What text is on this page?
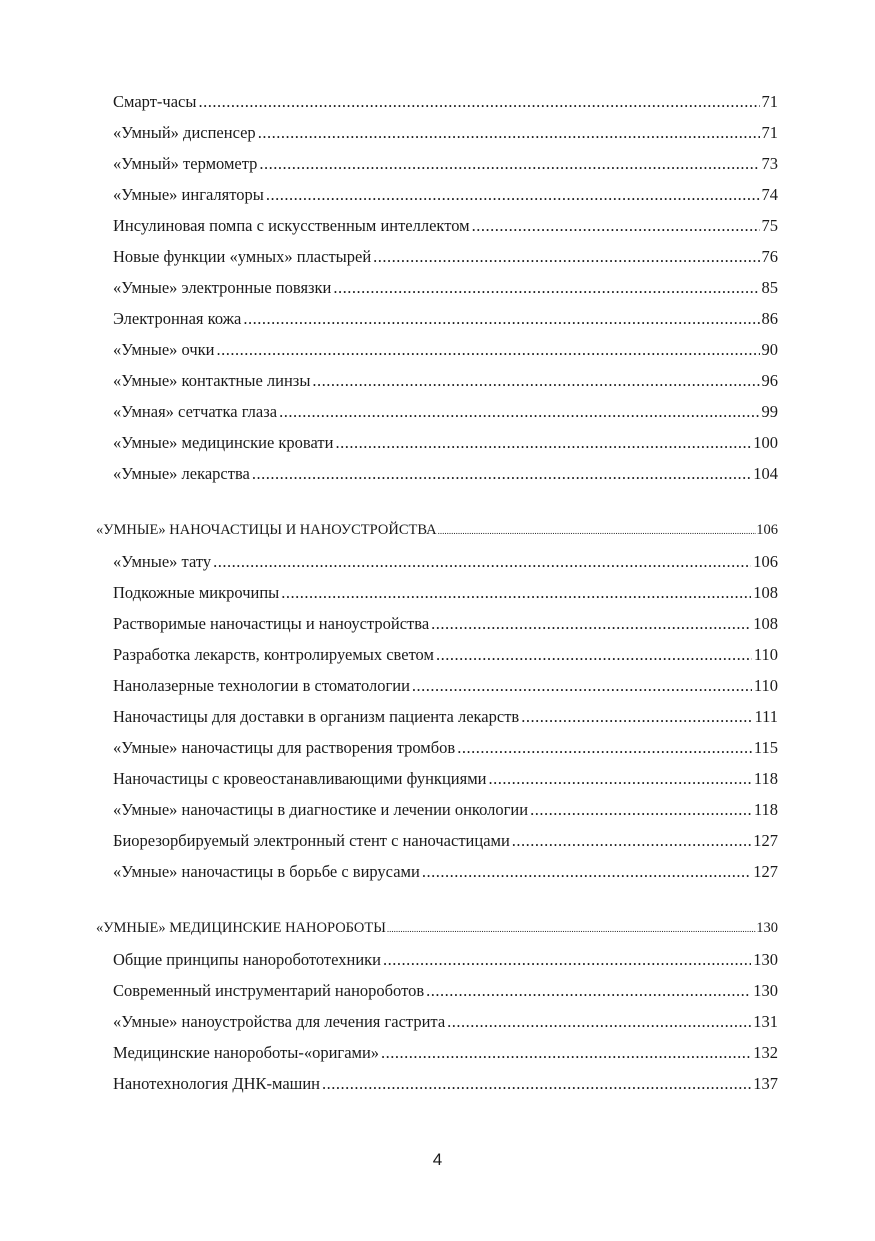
Смарт-часы .....	71
«Умный» диспенсер .....	71
«Умный» термометр .....	73
«Умные» ингаляторы .....	74
Инсулиновая помпа с искусственным интеллектом .....	75
Новые функции «умных» пластырей .....	76
«Умные» электронные повязки .....	85
Электронная кожа .....	86
«Умные» очки .....	90
«Умные» контактные линзы .....	96
«Умная» сетчатка глаза .....	99
«Умные» медицинские кровати .....	100
«Умные» лекарства .....	104
«УМНЫЕ» НАНОЧАСТИЦЫ И НАНОУСТРОЙСТВА .....	106
«Умные» тату .....	106
Подкожные микрочипы .....	108
Растворимые наночастицы и наноустройства .....	108
Разработка лекарств, контролируемых светом .....	110
Нанолазерные технологии в стоматологии .....	110
Наночастицы для доставки в организм пациента лекарств .....	111
«Умные» наночастицы для растворения тромбов .....	115
Наночастицы с кровеостанавливающими функциями .....	118
«Умные» наночастицы в диагностике и лечении онкологии .....	118
Биорезорбируемый электронный стент с наночастицами .....	127
«Умные» наночастицы в борьбе с вирусами .....	127
«УМНЫЕ» МЕДИЦИНСКИЕ НАНОРОБОТЫ .....	130
Общие принципы наноробототехники .....	130
Современный инструментарий нанороботов .....	130
«Умные» наноустройства для лечения гастрита .....	131
Медицинские нанороботы-«оригами» .....	132
Нанотехнология ДНК-машин .....	137
4
